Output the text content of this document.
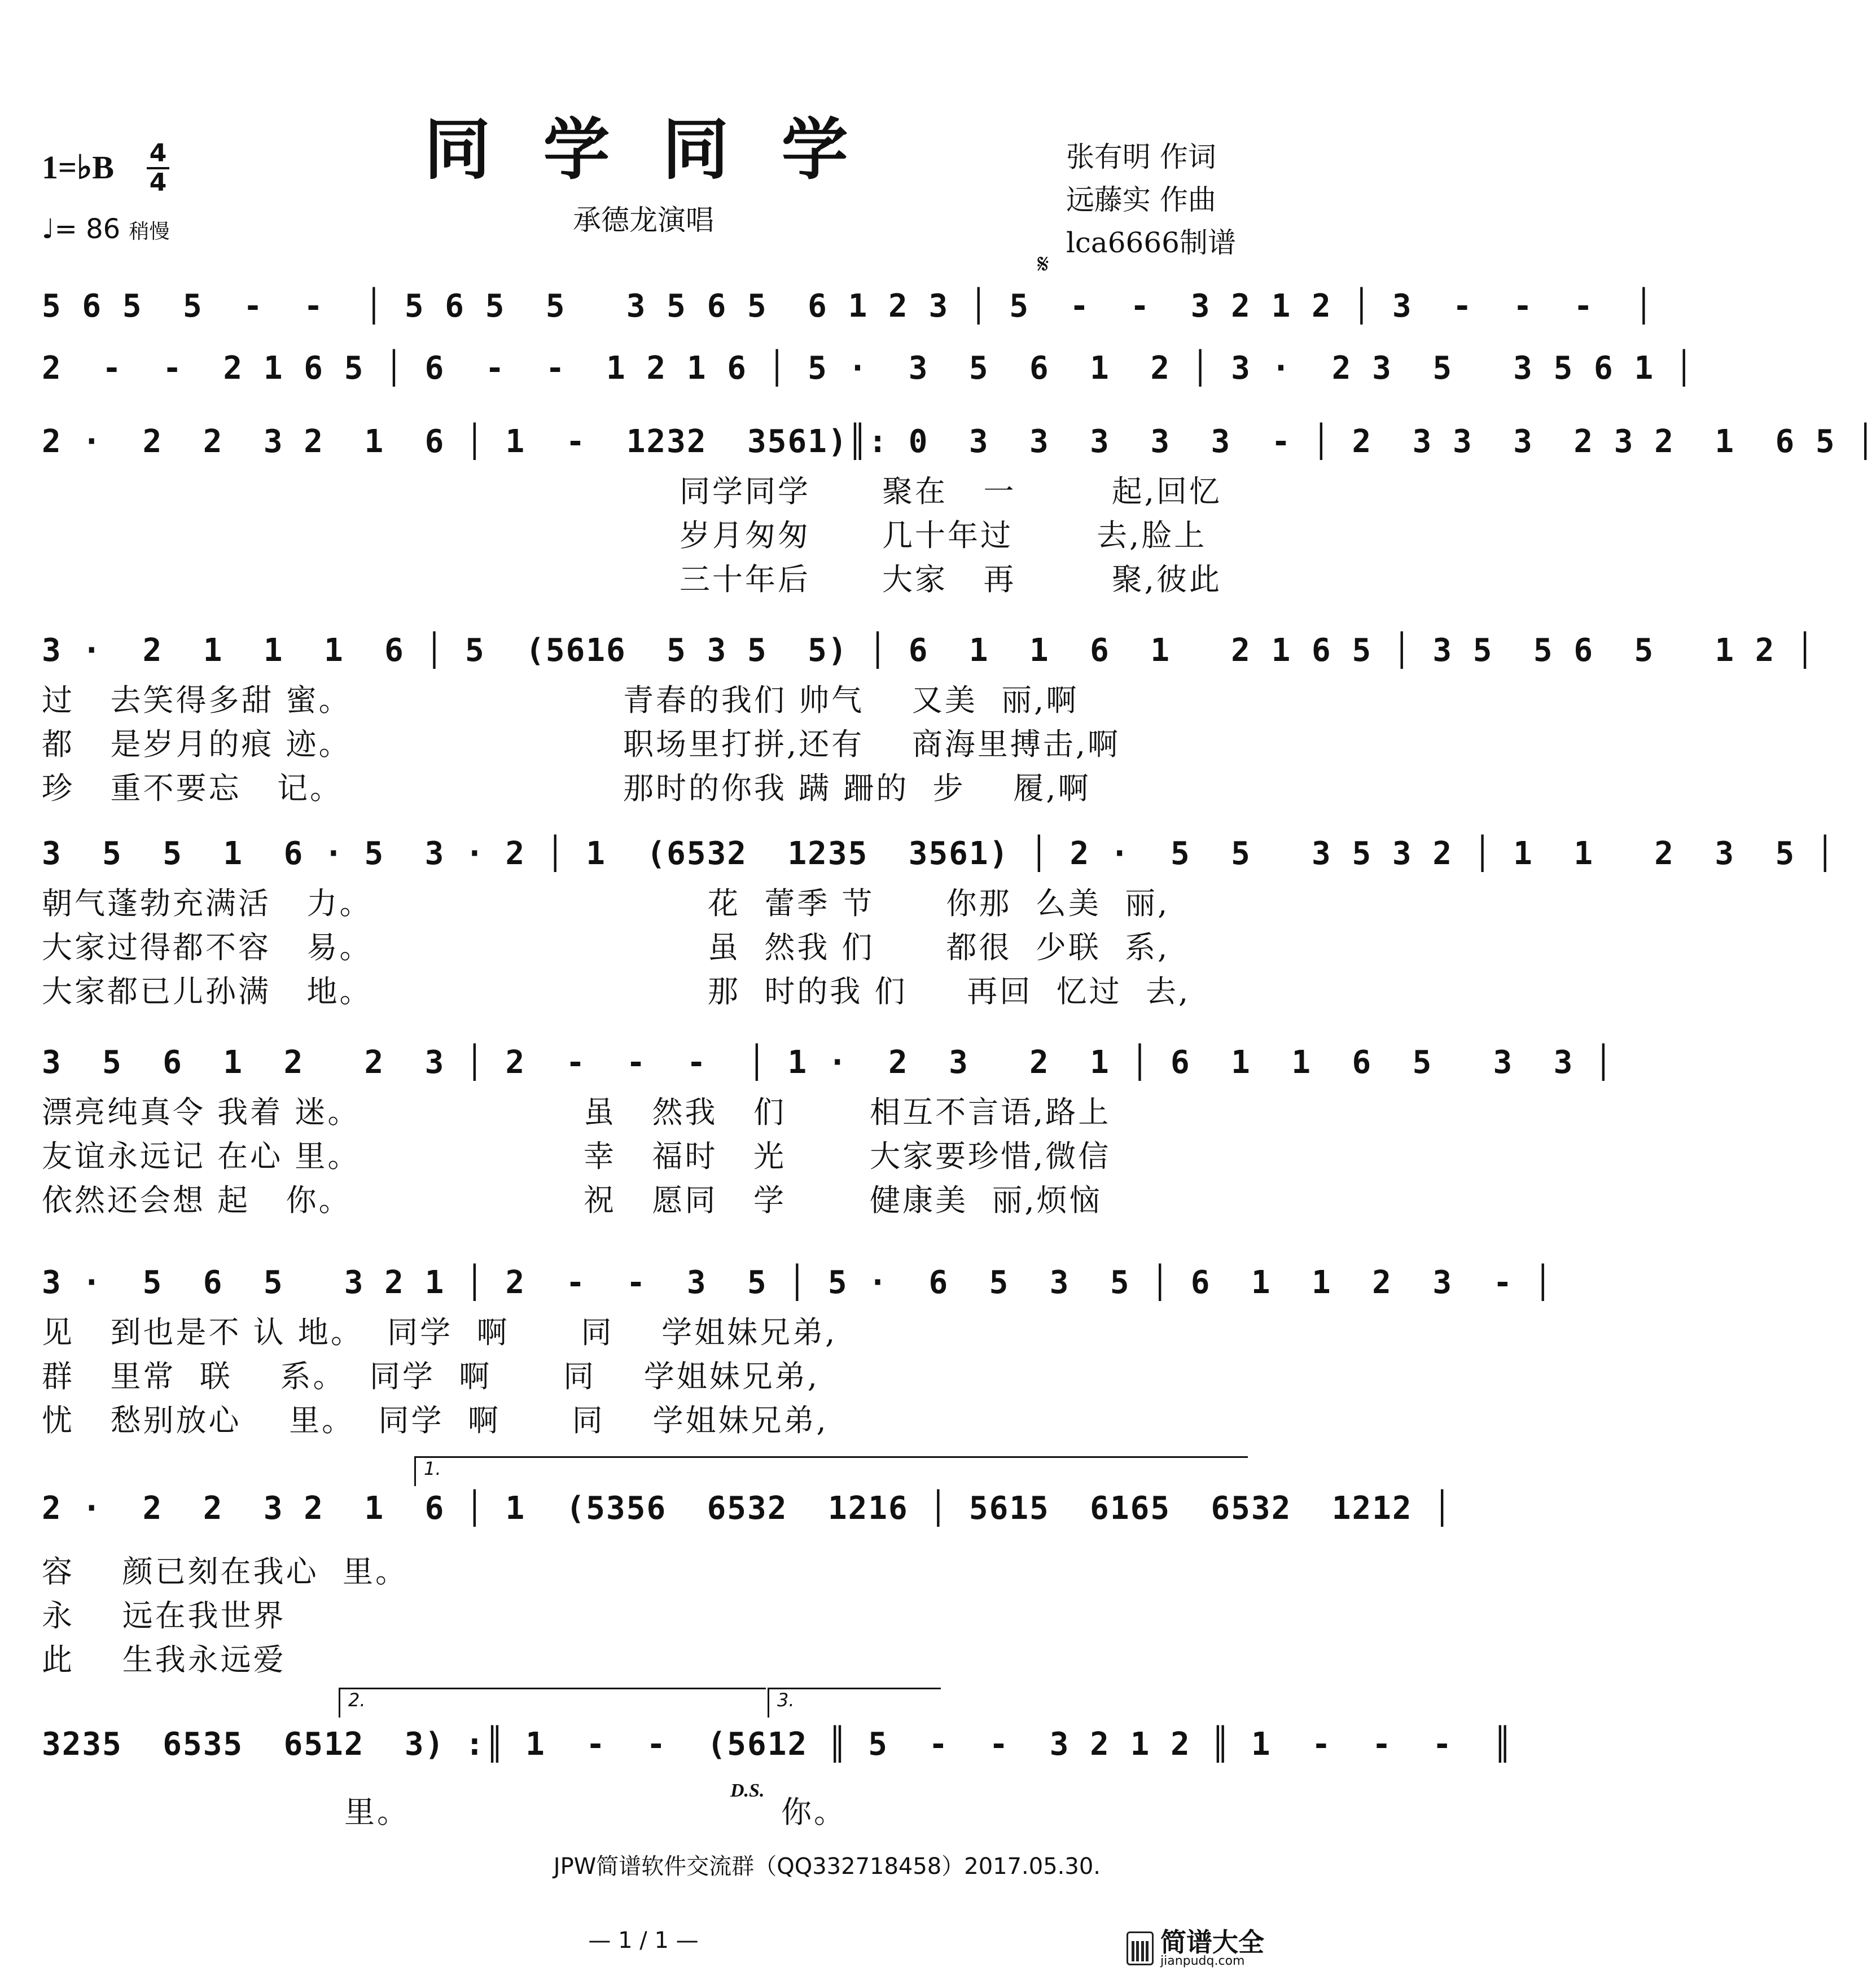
同 学 同 学
承德龙演唱
1=♭B 4
4
♩= 86 稍慢
张有明 作词
远藤实 作曲
lca6666制谱
𝄋
5 6 5  5  -  -  │ 5 6 5  5   3 5 6 5  6 1 2 3 │ 5  -  -  3 2 1 2 │ 3  -  -  -  │
2  -  -  2 1 6 5 │ 6  -  -  1 2 1 6 │ 5 ·  3  5  6  1  2 │ 3 ·  2 3  5   3 5 6 1 │
2 ·  2  2  3 2  1  6 │ 1  -  1232  3561)║: 0  3  3  3  3  3  - │ 2  3 3  3  2 3 2  1  6 5 │
同学同学      聚在   一        起,回忆
岁月匆匆      几十年过       去,脸上
三十年后      大家   再        聚,彼此
3 ·  2  1  1  1  6 │ 5  (5616  5 3 5  5) │ 6  1  1  6  1   2 1 6 5 │ 3 5  5 6  5   1 2 │
过   去笑得多甜 蜜。
都   是岁月的痕 迹。
珍   重不要忘   记。
青春的我们 帅气    又美  丽,啊
职场里打拼,还有    商海里搏击,啊
那时的你我 蹒 跚的  步    履,啊
3  5  5  1  6 · 5  3 · 2 │ 1  (6532  1235  3561) │ 2 ·  5  5   3 5 3 2 │ 1  1   2  3  5 │
朝气蓬勃充满活   力。
大家过得都不容   易。
大家都已儿孙满   地。
花  蕾季 节      你那  么美  丽,
虽  然我 们      都很  少联  系,
那  时的我 们     再回  忆过  去,
3  5  6  1  2   2  3 │ 2  -  -  -  │ 1 ·  2  3   2  1 │ 6  1  1  6  5   3  3 │
漂亮纯真令 我着 迷。
友谊永远记 在心 里。
依然还会想 起   你。
虽   然我   们       相互不言语,路上
幸   福时   光       大家要珍惜,微信
祝   愿同   学       健康美  丽,烦恼
3 ·  5  6  5   3 2 1 │ 2  -  -  3  5 │ 5 ·  6  5  3  5 │ 6  1  1  2  3  - │
见   到也是不 认 地。  同学  啊      同    学姐妹兄弟,
群   里常  联    系。  同学  啊      同    学姐妹兄弟,
忧   愁别放心    里。  同学  啊      同    学姐妹兄弟,
1.
2 ·  2  2  3 2  1  6 │ 1  (5356  6532  1216 │ 5615  6165  6532  1212 │
容    颜已刻在我心  里。
永    远在我世界
此    生我永远爱
2.	3.
3235  6535  6512  3) :║ 1  -  -  (5612 ║ 5  -  -  3 2 1 2 ║ 1  -  -  -  ║
里。
D.S.
你。
JPW简谱软件交流群（QQ332718458）2017.05.30.
— 1 / 1 —	简谱大全
jianpudq.com
